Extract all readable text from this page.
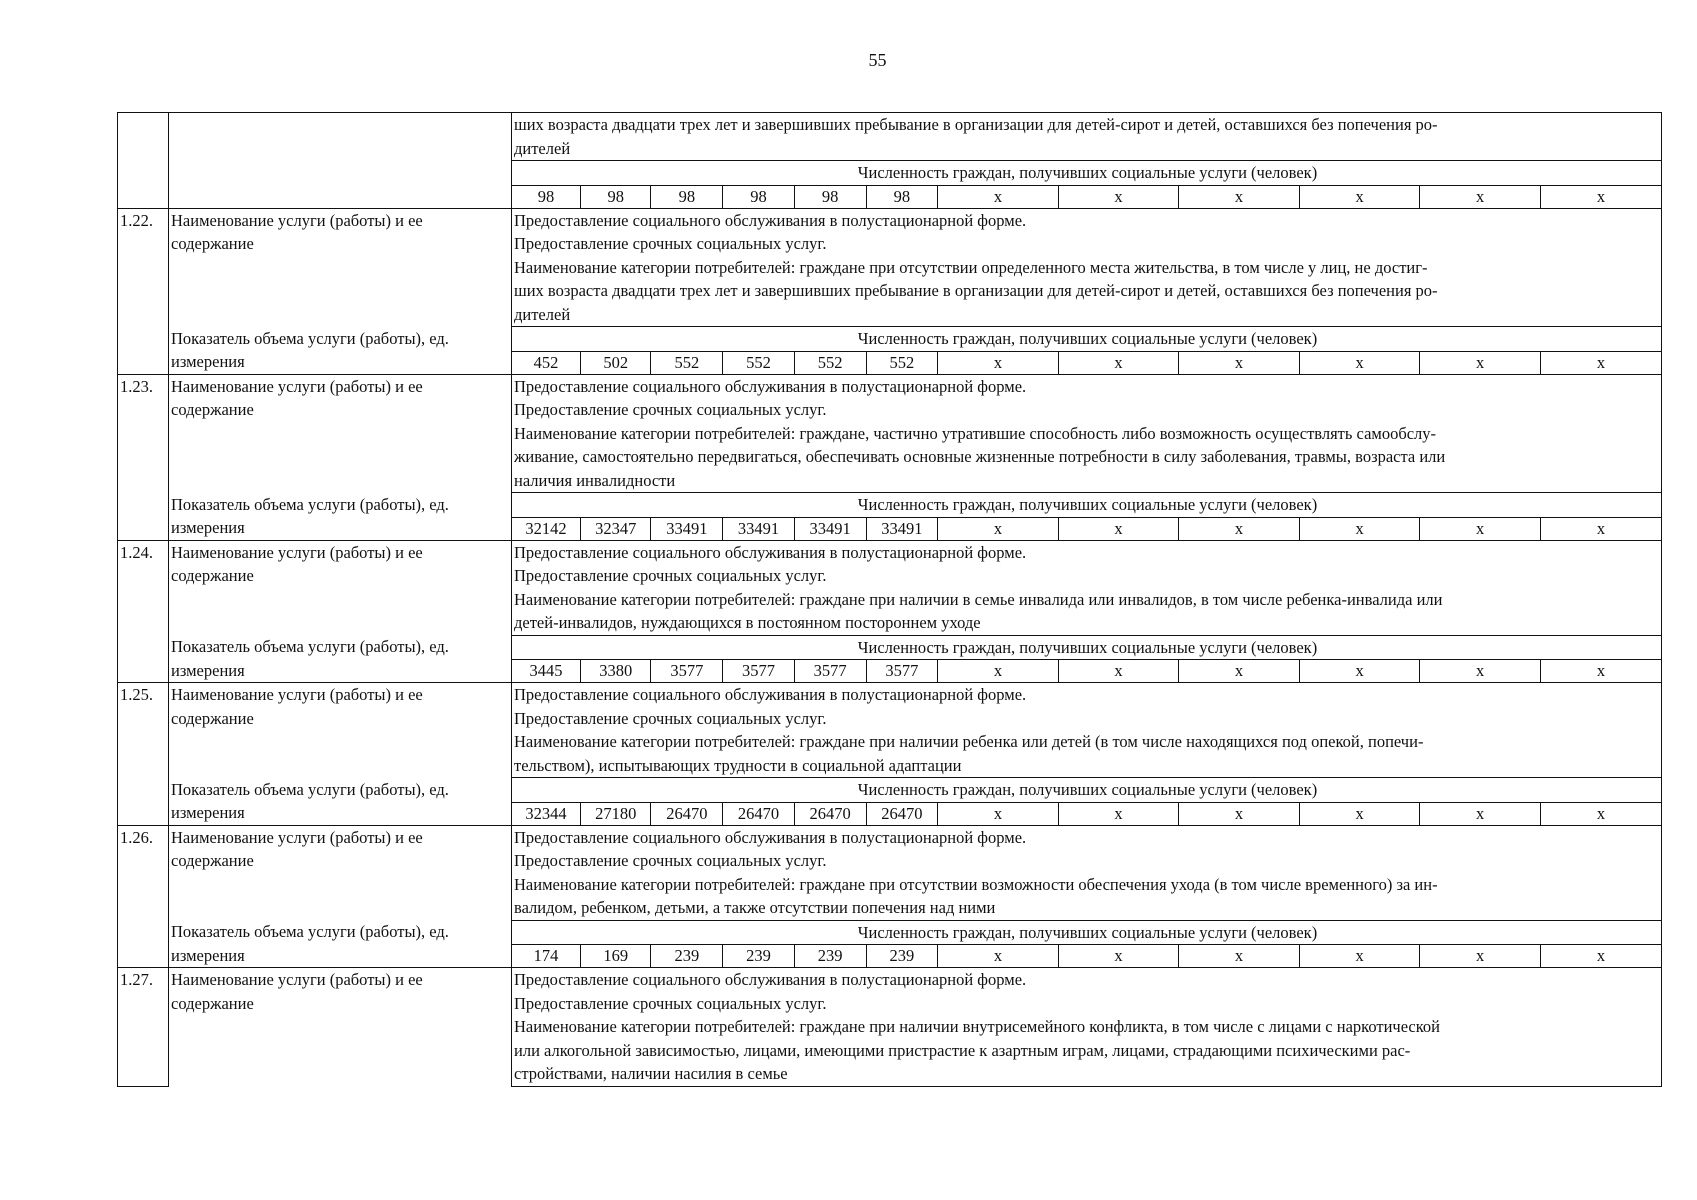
55

ших возраста двадцати трех лет и завершивших пребывание в организации для детей-сирот и детей, оставшихся без попечения ро-
дителей

Численность граждан, получивших социальные услуги (человек)

98	98	98	98	98	98	x	x	x	x	x	x

1.22.	Наименование услуги (работы) и ее
содержание

Предоставление социального обслуживания в полустационарной форме.
Предоставление срочных социальных услуг.
Наименование категории потребителей: граждане при отсутствии определенного места жительства, в том числе у лиц, не достиг-
ших возраста двадцати трех лет и завершивших пребывание в организации для детей-сирот и детей, оставшихся без попечения ро-
дителей

Показатель объема услуги (работы), ед.
измерения
	Численность граждан, получивших социальные услуги (человек)

452	502	552	552	552	552	x	x	x	x	x	x

1.23.	Наименование услуги (работы) и ее
содержание

Предоставление социального обслуживания в полустационарной форме.
Предоставление срочных социальных услуг.
Наименование категории потребителей: граждане, частично утратившие способность либо возможность осуществлять самообслу-
живание, самостоятельно передвигаться, обеспечивать основные жизненные потребности в силу заболевания, травмы, возраста или
наличия инвалидности

Показатель объема услуги (работы), ед.
измерения
	Численность граждан, получивших социальные услуги (человек)

32142	32347	33491	33491	33491	33491	x	x	x	x	x	x

1.24.	Наименование услуги (работы) и ее
содержание

Предоставление социального обслуживания в полустационарной форме.
Предоставление срочных социальных услуг.
Наименование категории потребителей: граждане при наличии в семье инвалида или инвалидов, в том числе ребенка-инвалида или
детей-инвалидов, нуждающихся в постоянном постороннем уходе

Показатель объема услуги (работы), ед.
измерения
	Численность граждан, получивших социальные услуги (человек)

3445	3380	3577	3577	3577	3577	x	x	x	x	x	x

1.25.	Наименование услуги (работы) и ее
содержание

Предоставление социального обслуживания в полустационарной форме.
Предоставление срочных социальных услуг.
Наименование категории потребителей: граждане при наличии ребенка или детей (в том числе находящихся под опекой, попечи-
тельством), испытывающих трудности в социальной адаптации

Показатель объема услуги (работы), ед.
измерения
	Численность граждан, получивших социальные услуги (человек)

32344	27180	26470	26470	26470	26470	x	x	x	x	x	x

1.26.	Наименование услуги (работы) и ее
содержание

Предоставление социального обслуживания в полустационарной форме.
Предоставление срочных социальных услуг.
Наименование категории потребителей: граждане при отсутствии возможности обеспечения ухода (в том числе временного) за ин-
валидом, ребенком, детьми, а также отсутствии попечения над ними

Показатель объема услуги (работы), ед.
измерения
	Численность граждан, получивших социальные услуги (человек)

174	169	239	239	239	239	x	x	x	x	x	x

1.27.	Наименование услуги (работы) и ее
содержание

Предоставление социального обслуживания в полустационарной форме.
Предоставление срочных социальных услуг.
Наименование категории потребителей: граждане при наличии внутрисемейного конфликта, в том числе с лицами с наркотической
или алкогольной зависимостью, лицами, имеющими пристрастие к азартным играм, лицами, страдающими психическими рас-
стройствами, наличии насилия в семье
